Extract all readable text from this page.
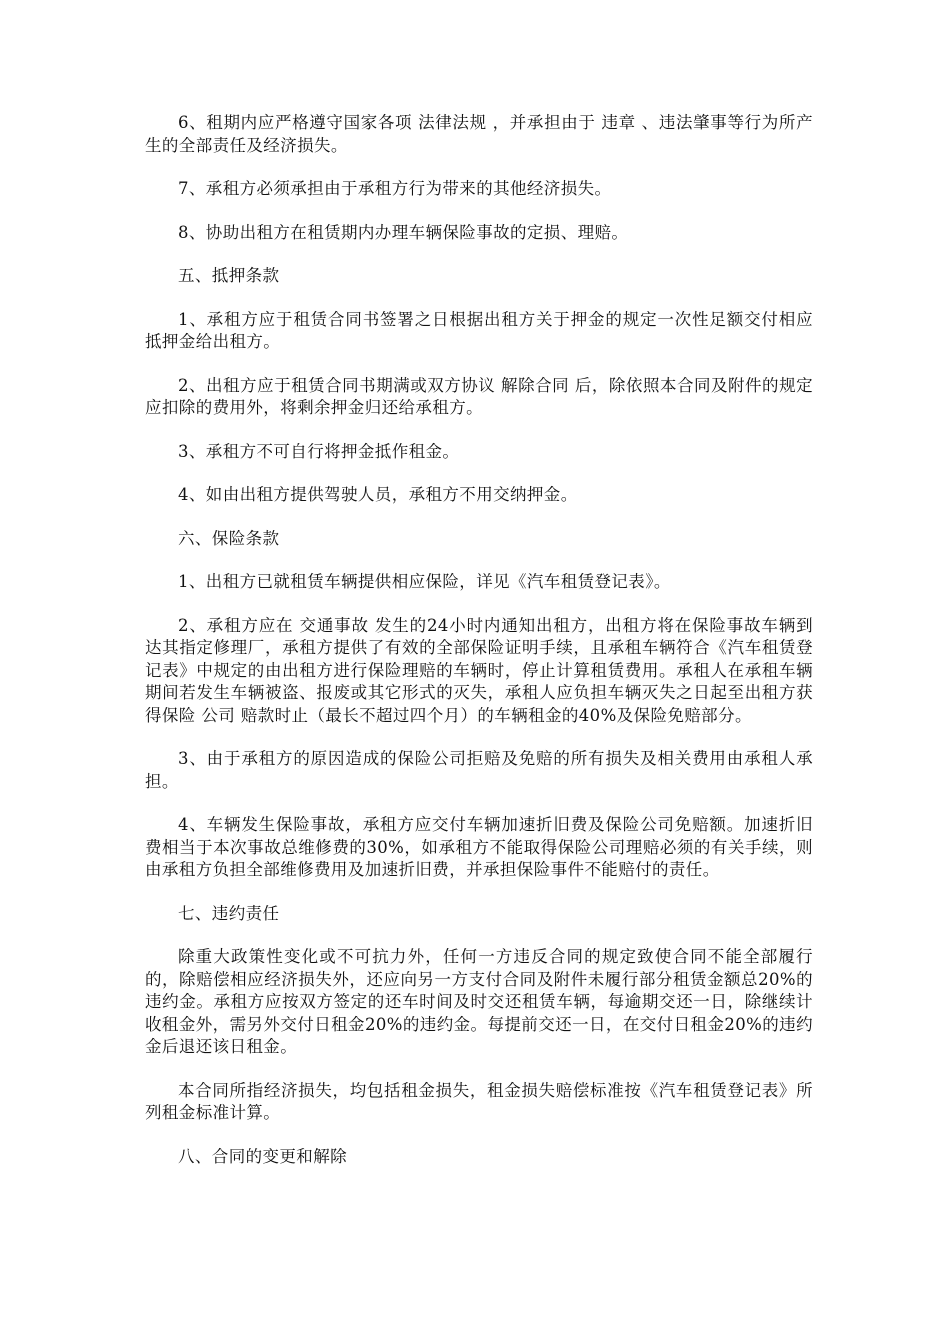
6、租期内应严格遵守国家各项 法律法规 ，并承担由于 违章 、违法肇事等行为所产生的全部责任及经济损失。

7、承租方必须承担由于承租方行为带来的其他经济损失。

8、协助出租方在租赁期内办理车辆保险事故的定损、理赔。

五、抵押条款

1、承租方应于租赁合同书签署之日根据出租方关于押金的规定一次性足额交付相应抵押金给出租方。

2、出租方应于租赁合同书期满或双方协议 解除合同 后，除依照本合同及附件的规定应扣除的费用外，将剩余押金归还给承租方。

3、承租方不可自行将押金抵作租金。

4、如由出租方提供驾驶人员，承租方不用交纳押金。

六、保险条款

1、出租方已就租赁车辆提供相应保险，详见《汽车租赁登记表》。

2、承租方应在 交通事故 发生的24小时内通知出租方，出租方将在保险事故车辆到达其指定修理厂，承租方提供了有效的全部保险证明手续，且承租车辆符合《汽车租赁登记表》中规定的由出租方进行保险理赔的车辆时，停止计算租赁费用。承租人在承租车辆期间若发生车辆被盗、报废或其它形式的灭失，承租人应负担车辆灭失之日起至出租方获得保险 公司 赔款时止（最长不超过四个月）的车辆租金的40%及保险免赔部分。

3、由于承租方的原因造成的保险公司拒赔及免赔的所有损失及相关费用由承租人承担。

4、车辆发生保险事故，承租方应交付车辆加速折旧费及保险公司免赔额。加速折旧费相当于本次事故总维修费的30%，如承租方不能取得保险公司理赔必须的有关手续，则由承租方负担全部维修费用及加速折旧费，并承担保险事件不能赔付的责任。

七、违约责任

除重大政策性变化或不可抗力外，任何一方违反合同的规定致使合同不能全部履行的，除赔偿相应经济损失外，还应向另一方支付合同及附件未履行部分租赁金额总20%的违约金。承租方应按双方签定的还车时间及时交还租赁车辆，每逾期交还一日，除继续计收租金外，需另外交付日租金20%的违约金。每提前交还一日，在交付日租金20%的违约金后退还该日租金。

本合同所指经济损失，均包括租金损失，租金损失赔偿标准按《汽车租赁登记表》所列租金标准计算。

八、合同的变更和解除
